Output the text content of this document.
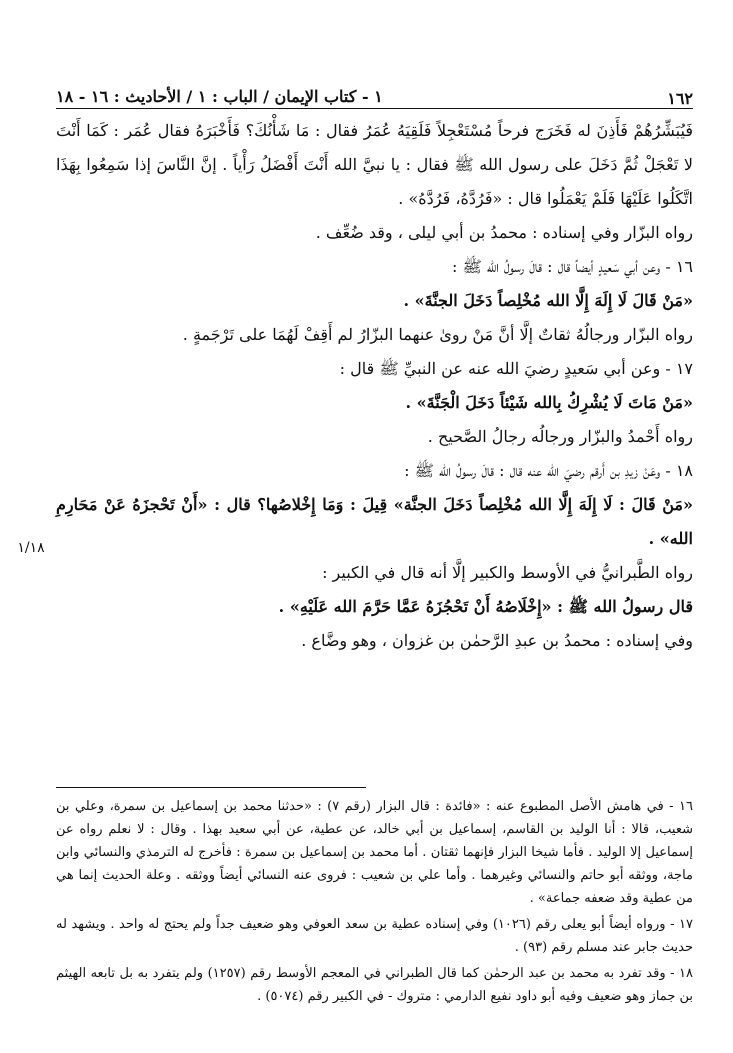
١٦٢
١ - كتاب الإيمان / الباب : ١ / الأحاديث : ١٦ - ١٨

فَيُبَشِّرُهُمْ فَأَذِنَ له فَخَرَج فرحاً مُسْتَعْجِلاً فَلَقِيَهُ عُمَرُ فقال : مَا شَأْنُكَ؟ فَأَخْبَرَهُ فقال عُمَر : كَمَا أَنْتَ لا تَعْجَلْ ثُمَّ دَخَلَ على رسول الله ﷺ فقال : يا نبيَّ الله أَنْتَ أَفْضَلُ رَأْياً . إنَّ النَّاسَ إذا سَمِعُوا بِهَذَا اتَّكَلُوا عَلَيْهَا فَلَمْ يَعْمَلُوا قال : «فَرُدَّهُ، فَرُدَّهُ» .

رواه البزّار وفي إسناده : محمدُ بن أبي ليلى ، وقد ضُعِّف .

١٦ - وعن أبي سَعيدٍ أيضاً قال : قالَ رسولُ الله ﷺ :

«مَنْ قَالَ لَا إِلَهَ إِلَّا الله مُخْلِصاً دَخَلَ الجنَّةَ» .

رواه البزّار ورجالُهُ ثقاتٌ إلَّا أنَّ مَنْ روىٰ عنهما البزّارُ لم أَقِفْ لَهُمَا على تَرْجَمةٍ .

١٧ - وعن أبي سَعيدٍ رضيَ الله عنه عن النبيِّ ﷺ قال :

«مَنْ مَاتَ لَا يُشْرِكُ بِالله شَيْئاً دَخَلَ الْجَنَّةَ» .

رواه أَحْمدُ والبزّار ورجالُه رجالُ الصَّحيح .

١٨ - وعَنْ زيدِ بن أَرقم رضيَ الله عنه قال : قالَ رسولُ الله ﷺ :

«مَنْ قَالَ : لَا إِلَهَ إِلَّا الله مُخْلِصاً دَخَلَ الجنَّة» قِيلَ : وَمَا إِخْلاصُها؟ قال : «أَنْ تَحْجزَهُ عَنْ مَحَارِمِ الله» .

رواه الطَّبرانيُّ في الأوسط والكبير إلَّا أنه قال في الكبير :

قال رسولُ الله ﷺ : «إِخْلَاصُهُ أَنْ تَحْجُزَهُ عَمَّا حَرَّمَ الله عَلَيْهِ» .

وفي إسناده : محمدُ بن عبدِ الرَّحمٰن بن غزوان ، وهو وضَّاع .

١/١٨

١٦ - في هامش الأصل المطبوع عنه : «فائدة : قال البزار (رقم ٧) : «حدثنا محمد بن إسماعيل بن سمرة، وعلي بن شعيب، قالا : أنا الوليد بن القاسم، إسماعيل بن أبي خالد، عن عطية، عن أبي سعيد بهذا . وقال : لا نعلم رواه عن إسماعيل إلا الوليد . فأما شيخا البزار فإنهما ثقتان . أما محمد بن إسماعيل بن سمرة : فأخرج له الترمذي والنسائي وابن ماجة، ووثقه أبو حاتم والنسائي وغيرهما . وأما علي بن شعيب : فروى عنه النسائي أيضاً ووثقه . وعلة الحديث إنما هي من عطية وقد ضعفه جماعة» .

١٧ - ورواه أيضاً أبو يعلى رقم (١٠٢٦) وفي إسناده عطية بن سعد العوفي وهو ضعيف جداً ولم يحتج له واحد . ويشهد له حديث جابر عند مسلم رقم (٩٣) .

١٨ - وقد تفرد به محمد بن عبد الرحمٰن كما قال الطبراني في المعجم الأوسط رقم (١٢٥٧) ولم يتفرد به بل تابعه الهيثم بن جماز وهو ضعيف وفيه أبو داود نفيع الدارمي : متروك - في الكبير رقم (٥٠٧٤) .
